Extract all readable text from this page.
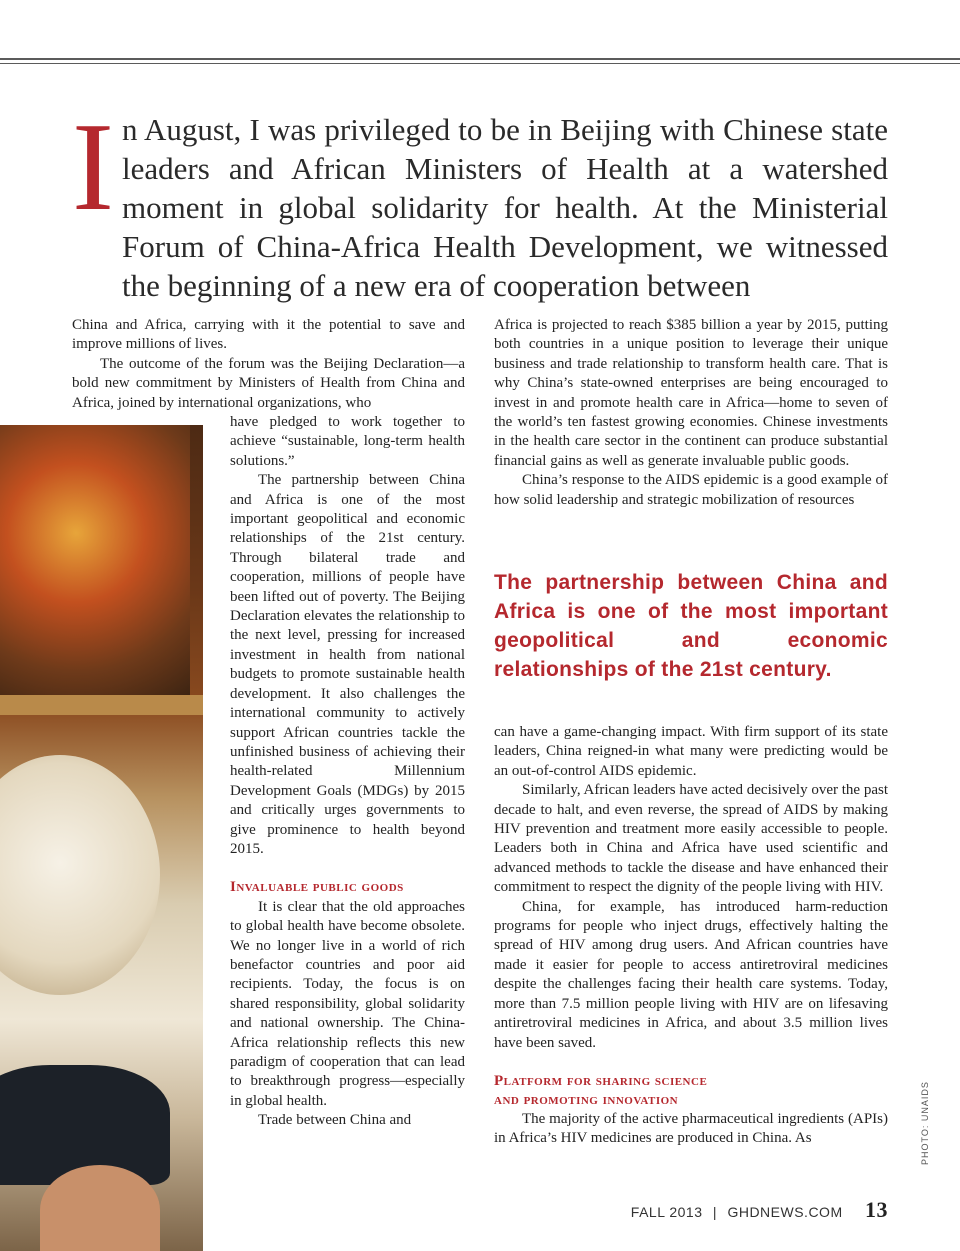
I n August, I was privileged to be in Beijing with Chinese state leaders and African Ministers of Health at a watershed moment in global solidarity for health. At the Ministerial Forum of China-Africa Health Development, we witnessed the beginning of a new era of cooperation between

China and Africa, carrying with it the potential to save and improve millions of lives.

The outcome of the forum was the Beijing Declaration—a bold new commitment by Ministers of Health from China and Africa, joined by international organizations, who

have pledged to work together to achieve “sustainable, long-term health solutions.”

The partnership between China and Africa is one of the most important geopolitical and economic relationships of the 21st century. Through bilateral trade and cooperation, millions of people have been lifted out of poverty. The Beijing Declaration elevates the relationship to the next level, pressing for increased investment in health from national budgets to promote sustainable health development. It also challenges the international community to actively support African countries tackle the unfinished business of achieving their health-related Millennium Development Goals (MDGs) by 2015 and critically urges governments to give prominence to health beyond 2015.

Invaluable public goods

It is clear that the old approaches to global health have become obsolete. We no longer live in a world of rich benefactor countries and poor aid recipients. Today, the focus is on shared responsibility, global solidarity and national ownership. The China-Africa relationship reflects this new paradigm of cooperation that can lead to breakthrough progress—especially in global health.

Trade between China and

Africa is projected to reach $385 billion a year by 2015, putting both countries in a unique position to leverage their unique business and trade relationship to transform health care. That is why China’s state-owned enterprises are being encouraged to invest in and promote health care in Africa—home to seven of the world’s ten fastest growing economies. Chinese investments in the health care sector in the continent can produce substantial financial gains as well as generate invaluable public goods.

China’s response to the AIDS epidemic is a good example of how solid leadership and strategic mobilization of resources

The partnership between China and Africa is one of the most important geopolitical and economic relationships of the 21st century.

can have a game-changing impact. With firm support of its state leaders, China reigned-in what many were predicting would be an out-of-control AIDS epidemic.

Similarly, African leaders have acted decisively over the past decade to halt, and even reverse, the spread of AIDS by making HIV prevention and treatment more easily accessible to people. Leaders both in China and Africa have used scientific and advanced methods to tackle the disease and have enhanced their commitment to respect the dignity of the people living with HIV.

China, for example, has introduced harm-reduction programs for people who inject drugs, effectively halting the spread of HIV among drug users. And African countries have made it easier for people to access antiretroviral medicines despite the challenges facing their health care systems. Today, more than 7.5 million people living with HIV are on lifesaving antiretroviral medicines in Africa, and about 3.5 million lives have been saved.

Platform for sharing science

and promoting innovation

The majority of the active pharmaceutical ingredients (APIs) in Africa’s HIV medicines are produced in China. As	PHOTO: UNAIDS
FALL 2013 | GHDNEWS.COM 13
